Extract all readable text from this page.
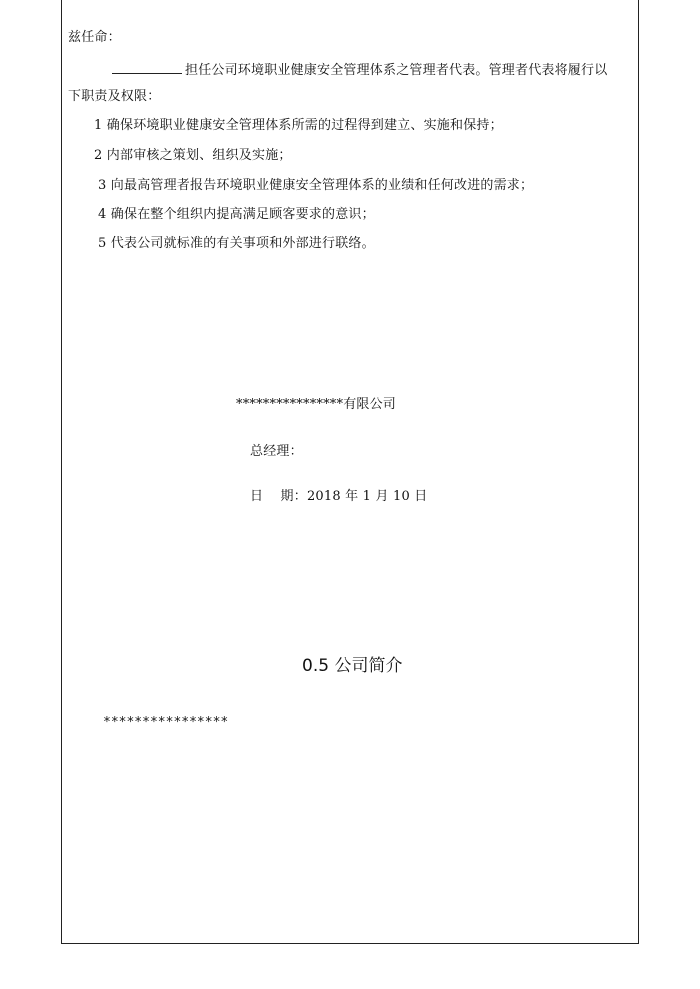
兹任命：
担任公司环境职业健康安全管理体系之管理者代表。管理者代表将履行以
下职责及权限：
1 确保环境职业健康安全管理体系所需的过程得到建立、实施和保持；
2 内部审核之策划、组织及实施；
3 向最高管理者报告环境职业健康安全管理体系的业绩和任何改进的需求；
4 确保在整个组织内提高满足顾客要求的意识；
5 代表公司就标准的有关事项和外部进行联络。
****************有限公司
总经理：
日    期：2018 年 1 月 10 日
0.5 公司简介
****************
